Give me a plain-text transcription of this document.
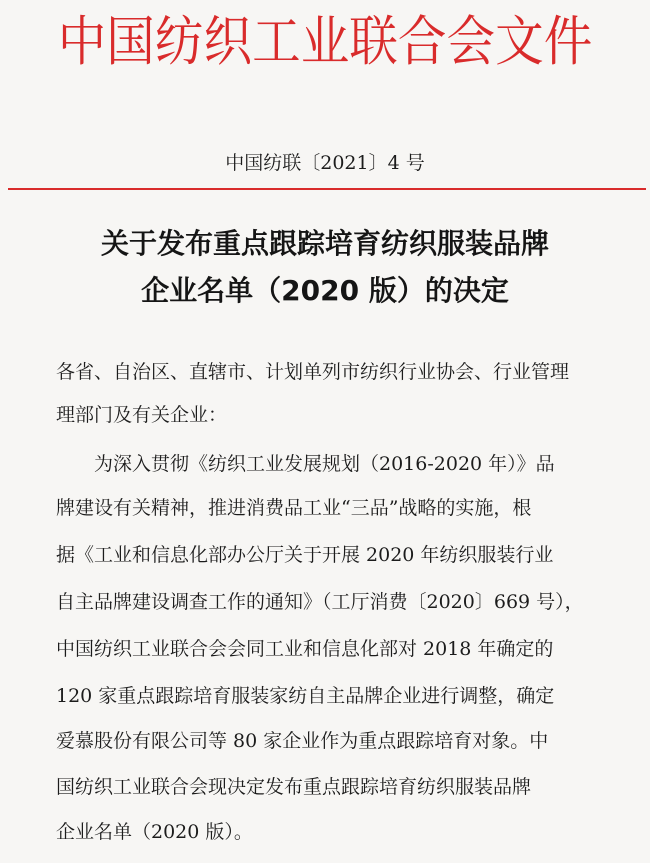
中国纺织工业联合会文件
中国纺联〔2021〕4 号
关于发布重点跟踪培育纺织服装品牌
企业名单（2020 版）的决定
各省、自治区、直辖市、计划单列市纺织行业协会、行业管理
理部门及有关企业：
为深入贯彻《纺织工业发展规划（2016-2020 年）》品
牌建设有关精神，推进消费品工业“三品”战略的实施，根
据《工业和信息化部办公厅关于开展 2020 年纺织服装行业
自主品牌建设调查工作的通知》（工厅消费〔2020〕669 号），
中国纺织工业联合会会同工业和信息化部对 2018 年确定的
120 家重点跟踪培育服装家纺自主品牌企业进行调整，确定
爱慕股份有限公司等 80 家企业作为重点跟踪培育对象。中
国纺织工业联合会现决定发布重点跟踪培育纺织服装品牌
企业名单（2020 版）。
